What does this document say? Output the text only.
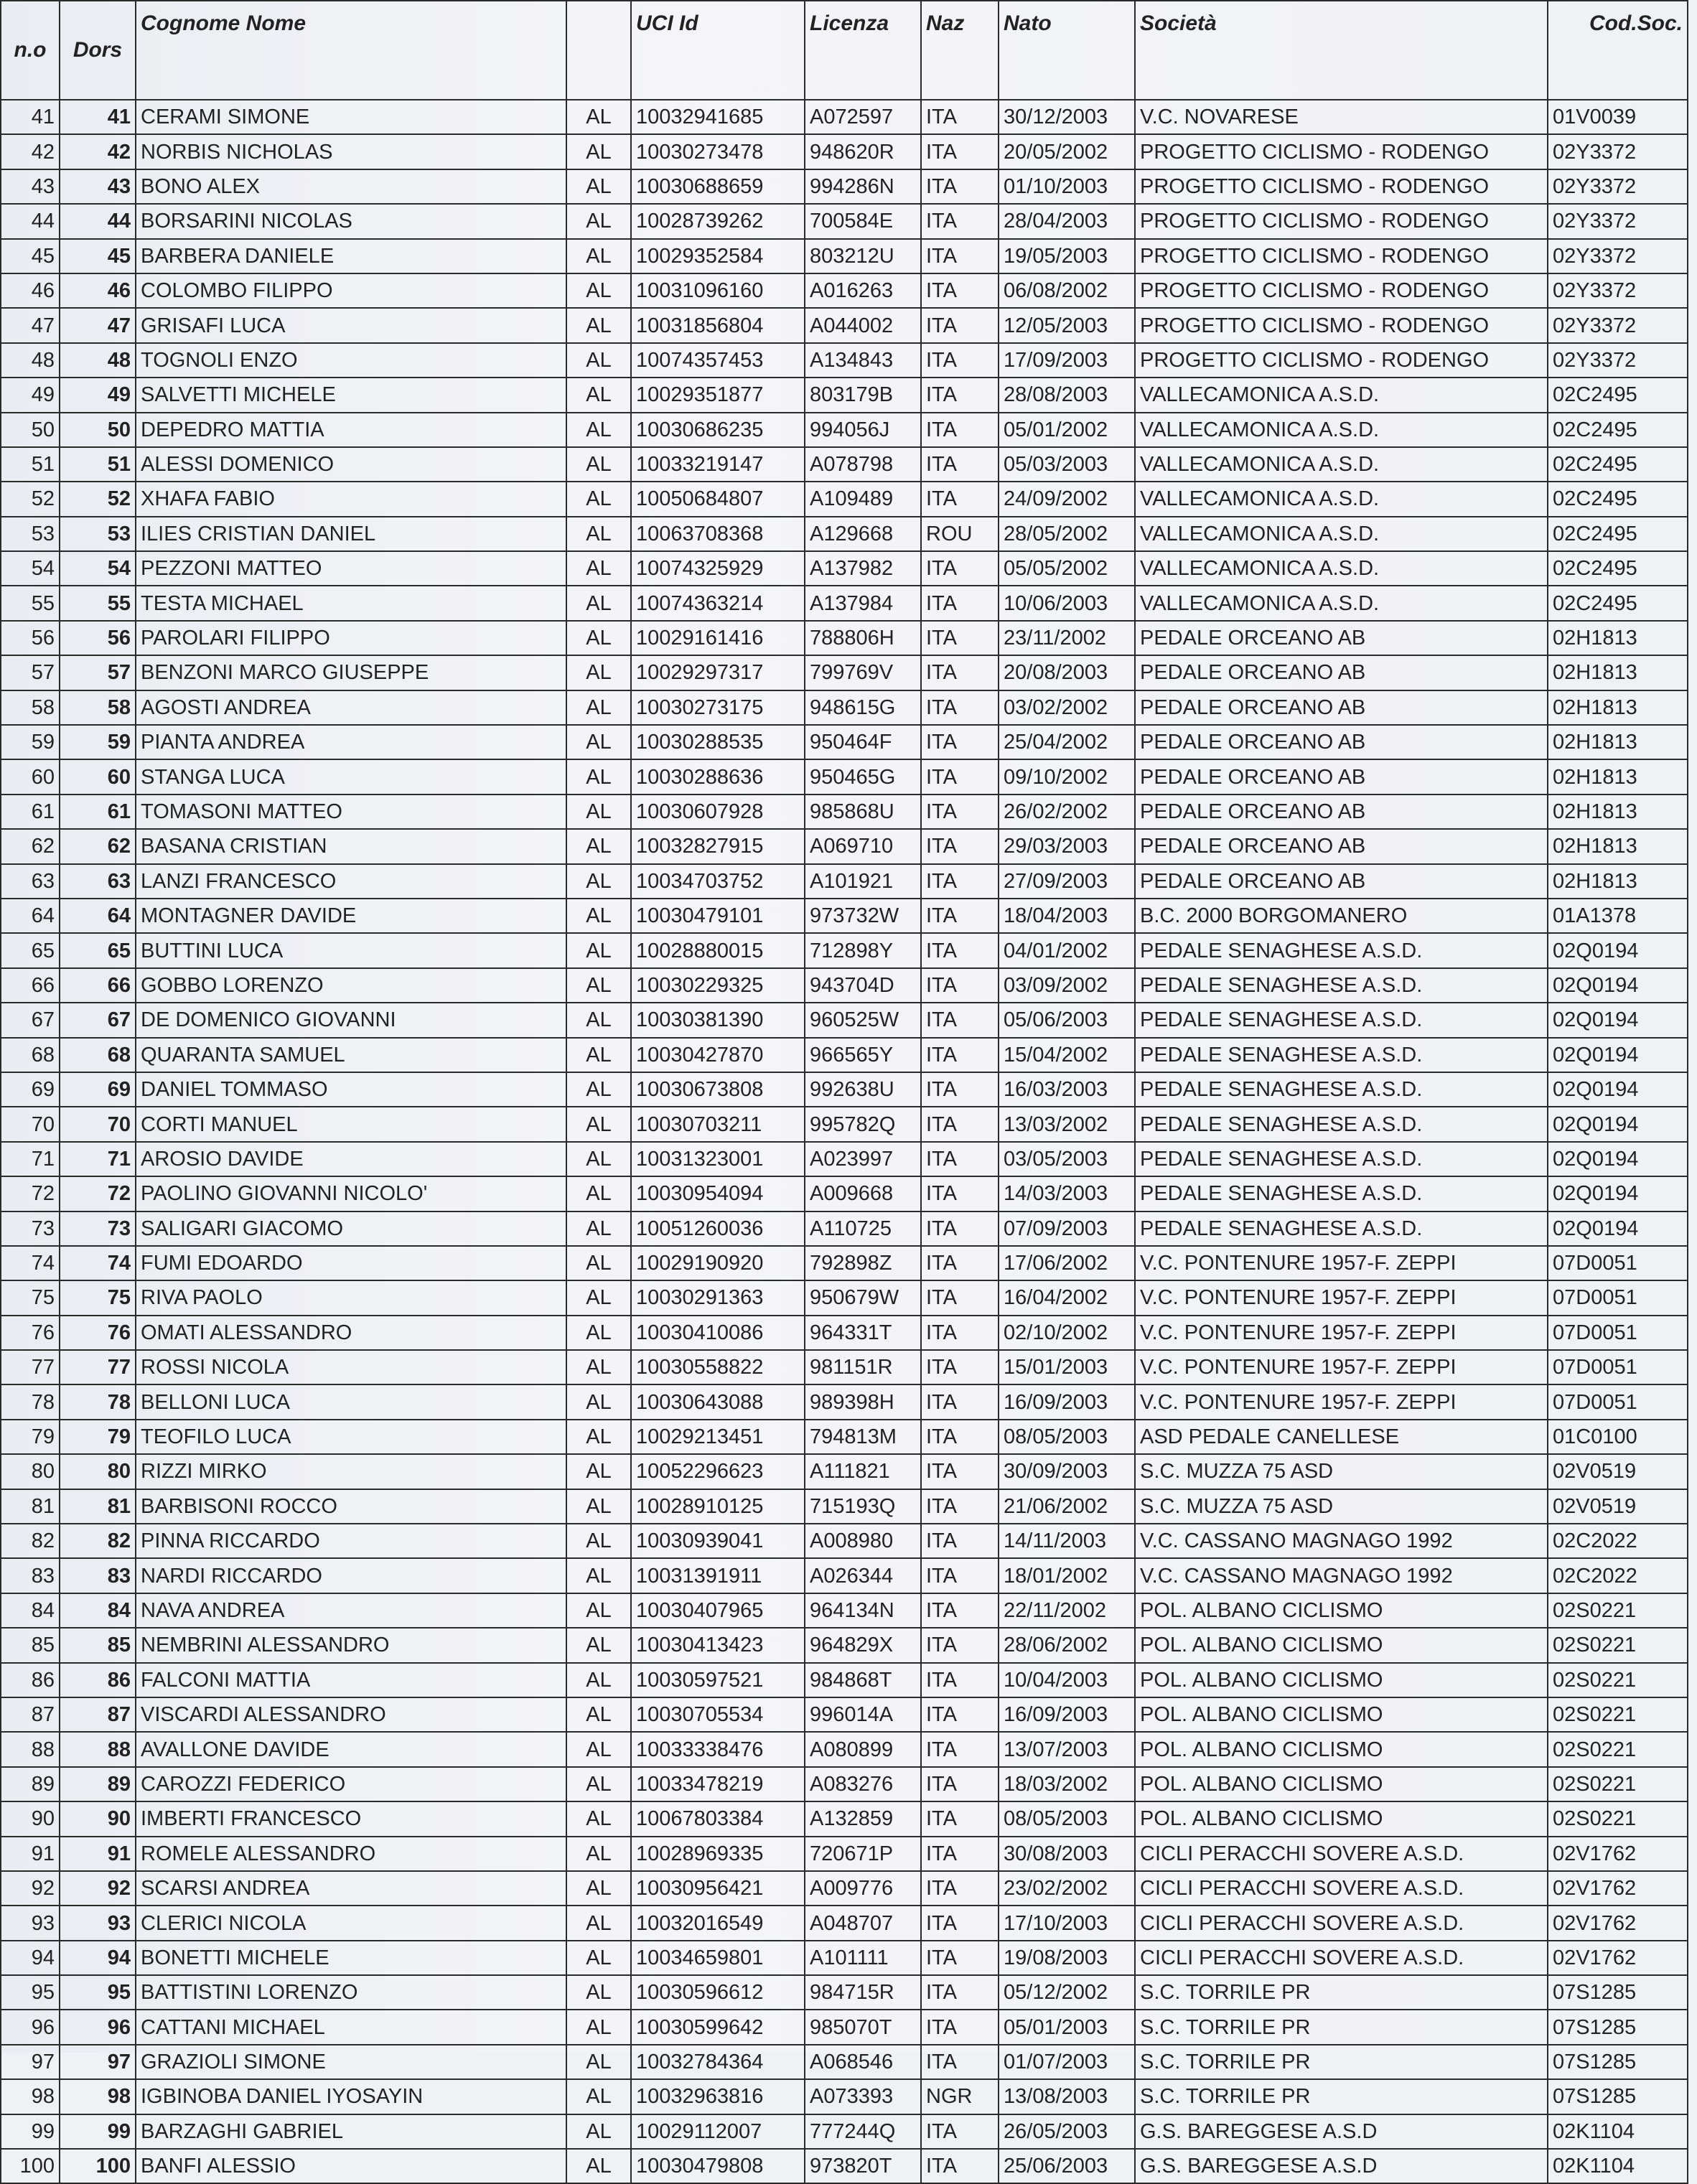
n.o	Dors	Cognome Nome		UCI Id	Licenza	Naz	Nato	Società	Cod.Soc.
41	41	CERAMI SIMONE	AL	10032941685	A072597	ITA	30/12/2003	V.C. NOVARESE	01V0039
42	42	NORBIS NICHOLAS	AL	10030273478	948620R	ITA	20/05/2002	PROGETTO CICLISMO - RODENGO	02Y3372
43	43	BONO ALEX	AL	10030688659	994286N	ITA	01/10/2003	PROGETTO CICLISMO - RODENGO	02Y3372
44	44	BORSARINI NICOLAS	AL	10028739262	700584E	ITA	28/04/2003	PROGETTO CICLISMO - RODENGO	02Y3372
45	45	BARBERA DANIELE	AL	10029352584	803212U	ITA	19/05/2003	PROGETTO CICLISMO - RODENGO	02Y3372
46	46	COLOMBO FILIPPO	AL	10031096160	A016263	ITA	06/08/2002	PROGETTO CICLISMO - RODENGO	02Y3372
47	47	GRISAFI LUCA	AL	10031856804	A044002	ITA	12/05/2003	PROGETTO CICLISMO - RODENGO	02Y3372
48	48	TOGNOLI ENZO	AL	10074357453	A134843	ITA	17/09/2003	PROGETTO CICLISMO - RODENGO	02Y3372
49	49	SALVETTI MICHELE	AL	10029351877	803179B	ITA	28/08/2003	VALLECAMONICA A.S.D.	02C2495
50	50	DEPEDRO MATTIA	AL	10030686235	994056J	ITA	05/01/2002	VALLECAMONICA A.S.D.	02C2495
51	51	ALESSI DOMENICO	AL	10033219147	A078798	ITA	05/03/2003	VALLECAMONICA A.S.D.	02C2495
52	52	XHAFA FABIO	AL	10050684807	A109489	ITA	24/09/2002	VALLECAMONICA A.S.D.	02C2495
53	53	ILIES CRISTIAN DANIEL	AL	10063708368	A129668	ROU	28/05/2002	VALLECAMONICA A.S.D.	02C2495
54	54	PEZZONI MATTEO	AL	10074325929	A137982	ITA	05/05/2002	VALLECAMONICA A.S.D.	02C2495
55	55	TESTA MICHAEL	AL	10074363214	A137984	ITA	10/06/2003	VALLECAMONICA A.S.D.	02C2495
56	56	PAROLARI FILIPPO	AL	10029161416	788806H	ITA	23/11/2002	PEDALE ORCEANO AB	02H1813
57	57	BENZONI MARCO GIUSEPPE	AL	10029297317	799769V	ITA	20/08/2003	PEDALE ORCEANO AB	02H1813
58	58	AGOSTI ANDREA	AL	10030273175	948615G	ITA	03/02/2002	PEDALE ORCEANO AB	02H1813
59	59	PIANTA ANDREA	AL	10030288535	950464F	ITA	25/04/2002	PEDALE ORCEANO AB	02H1813
60	60	STANGA LUCA	AL	10030288636	950465G	ITA	09/10/2002	PEDALE ORCEANO AB	02H1813
61	61	TOMASONI MATTEO	AL	10030607928	985868U	ITA	26/02/2002	PEDALE ORCEANO AB	02H1813
62	62	BASANA CRISTIAN	AL	10032827915	A069710	ITA	29/03/2003	PEDALE ORCEANO AB	02H1813
63	63	LANZI FRANCESCO	AL	10034703752	A101921	ITA	27/09/2003	PEDALE ORCEANO AB	02H1813
64	64	MONTAGNER DAVIDE	AL	10030479101	973732W	ITA	18/04/2003	B.C. 2000 BORGOMANERO	01A1378
65	65	BUTTINI LUCA	AL	10028880015	712898Y	ITA	04/01/2002	PEDALE SENAGHESE A.S.D.	02Q0194
66	66	GOBBO LORENZO	AL	10030229325	943704D	ITA	03/09/2002	PEDALE SENAGHESE A.S.D.	02Q0194
67	67	DE DOMENICO GIOVANNI	AL	10030381390	960525W	ITA	05/06/2003	PEDALE SENAGHESE A.S.D.	02Q0194
68	68	QUARANTA SAMUEL	AL	10030427870	966565Y	ITA	15/04/2002	PEDALE SENAGHESE A.S.D.	02Q0194
69	69	DANIEL TOMMASO	AL	10030673808	992638U	ITA	16/03/2003	PEDALE SENAGHESE A.S.D.	02Q0194
70	70	CORTI MANUEL	AL	10030703211	995782Q	ITA	13/03/2002	PEDALE SENAGHESE A.S.D.	02Q0194
71	71	AROSIO DAVIDE	AL	10031323001	A023997	ITA	03/05/2003	PEDALE SENAGHESE A.S.D.	02Q0194
72	72	PAOLINO GIOVANNI NICOLO'	AL	10030954094	A009668	ITA	14/03/2003	PEDALE SENAGHESE A.S.D.	02Q0194
73	73	SALIGARI GIACOMO	AL	10051260036	A110725	ITA	07/09/2003	PEDALE SENAGHESE A.S.D.	02Q0194
74	74	FUMI EDOARDO	AL	10029190920	792898Z	ITA	17/06/2002	V.C. PONTENURE 1957-F. ZEPPI	07D0051
75	75	RIVA PAOLO	AL	10030291363	950679W	ITA	16/04/2002	V.C. PONTENURE 1957-F. ZEPPI	07D0051
76	76	OMATI ALESSANDRO	AL	10030410086	964331T	ITA	02/10/2002	V.C. PONTENURE 1957-F. ZEPPI	07D0051
77	77	ROSSI NICOLA	AL	10030558822	981151R	ITA	15/01/2003	V.C. PONTENURE 1957-F. ZEPPI	07D0051
78	78	BELLONI LUCA	AL	10030643088	989398H	ITA	16/09/2003	V.C. PONTENURE 1957-F. ZEPPI	07D0051
79	79	TEOFILO LUCA	AL	10029213451	794813M	ITA	08/05/2003	ASD PEDALE CANELLESE	01C0100
80	80	RIZZI MIRKO	AL	10052296623	A111821	ITA	30/09/2003	S.C. MUZZA 75 ASD	02V0519
81	81	BARBISONI ROCCO	AL	10028910125	715193Q	ITA	21/06/2002	S.C. MUZZA 75 ASD	02V0519
82	82	PINNA RICCARDO	AL	10030939041	A008980	ITA	14/11/2003	V.C. CASSANO MAGNAGO 1992	02C2022
83	83	NARDI RICCARDO	AL	10031391911	A026344	ITA	18/01/2002	V.C. CASSANO MAGNAGO 1992	02C2022
84	84	NAVA ANDREA	AL	10030407965	964134N	ITA	22/11/2002	POL. ALBANO CICLISMO	02S0221
85	85	NEMBRINI ALESSANDRO	AL	10030413423	964829X	ITA	28/06/2002	POL. ALBANO CICLISMO	02S0221
86	86	FALCONI MATTIA	AL	10030597521	984868T	ITA	10/04/2003	POL. ALBANO CICLISMO	02S0221
87	87	VISCARDI ALESSANDRO	AL	10030705534	996014A	ITA	16/09/2003	POL. ALBANO CICLISMO	02S0221
88	88	AVALLONE DAVIDE	AL	10033338476	A080899	ITA	13/07/2003	POL. ALBANO CICLISMO	02S0221
89	89	CAROZZI FEDERICO	AL	10033478219	A083276	ITA	18/03/2002	POL. ALBANO CICLISMO	02S0221
90	90	IMBERTI FRANCESCO	AL	10067803384	A132859	ITA	08/05/2003	POL. ALBANO CICLISMO	02S0221
91	91	ROMELE ALESSANDRO	AL	10028969335	720671P	ITA	30/08/2003	CICLI PERACCHI SOVERE A.S.D.	02V1762
92	92	SCARSI ANDREA	AL	10030956421	A009776	ITA	23/02/2002	CICLI PERACCHI SOVERE A.S.D.	02V1762
93	93	CLERICI NICOLA	AL	10032016549	A048707	ITA	17/10/2003	CICLI PERACCHI SOVERE A.S.D.	02V1762
94	94	BONETTI MICHELE	AL	10034659801	A101111	ITA	19/08/2003	CICLI PERACCHI SOVERE A.S.D.	02V1762
95	95	BATTISTINI LORENZO	AL	10030596612	984715R	ITA	05/12/2002	S.C. TORRILE PR	07S1285
96	96	CATTANI MICHAEL	AL	10030599642	985070T	ITA	05/01/2003	S.C. TORRILE PR	07S1285
97	97	GRAZIOLI SIMONE	AL	10032784364	A068546	ITA	01/07/2003	S.C. TORRILE PR	07S1285
98	98	IGBINOBA DANIEL IYOSAYIN	AL	10032963816	A073393	NGR	13/08/2003	S.C. TORRILE PR	07S1285
99	99	BARZAGHI GABRIEL	AL	10029112007	777244Q	ITA	26/05/2003	G.S. BAREGGESE A.S.D	02K1104
100	100	BANFI ALESSIO	AL	10030479808	973820T	ITA	25/06/2003	G.S. BAREGGESE A.S.D	02K1104
